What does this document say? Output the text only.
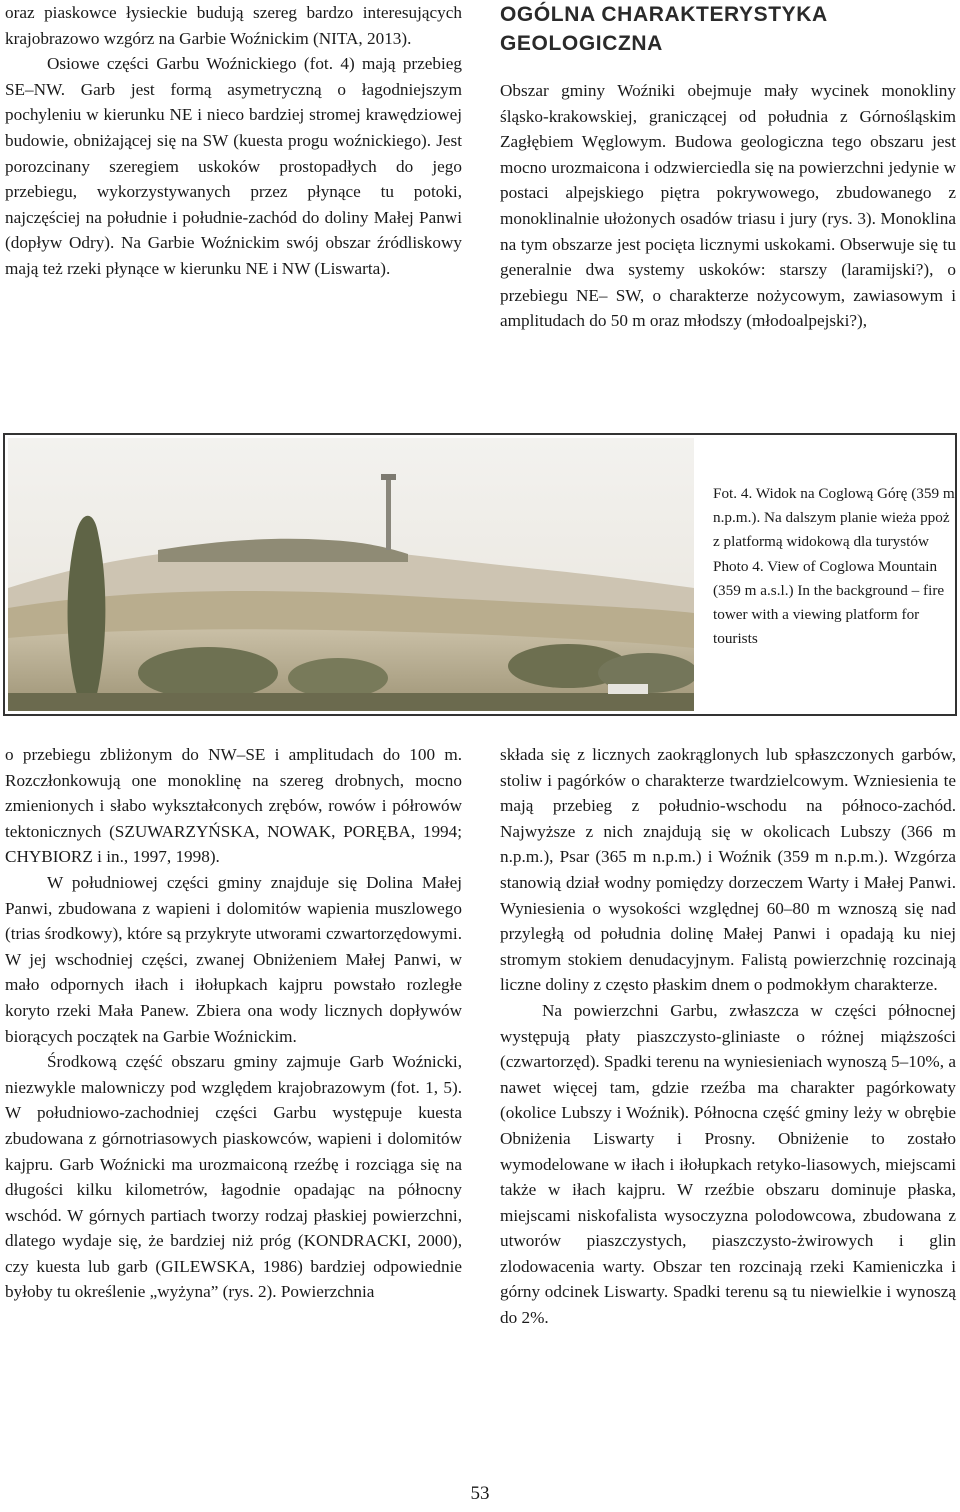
oraz piaskowce łysieckie budują szereg bardzo interesujących krajobrazowo wzgórz na Garbie Woźnickim (NITA, 2013).

Osiowe części Garbu Woźnickiego (fot. 4) mają przebieg SE–NW. Garb jest formą asymetryczną o łagodniejszym pochyleniu w kierunku NE i nieco bardziej stromej krawędziowej budowie, obniżającej się na SW (kuesta progu woźnickiego). Jest porozcinany szeregiem uskoków prostopadłych do jego przebiegu, wykorzystywanych przez płynące tu potoki, najczęściej na południe i południe-zachód do doliny Małej Panwi (dopływ Odry). Na Garbie Woźnickim swój obszar źródliskowy mają też rzeki płynące w kierunku NE i NW (Liswarta).

OGÓLNA CHARAKTERYSTYKA GEOLOGICZNA

Obszar gminy Woźniki obejmuje mały wycinek monokliny śląsko-krakowskiej, graniczącej od południa z Górnośląskim Zagłębiem Węglowym. Budowa geologiczna tego obszaru jest mocno urozmaicona i odzwierciedla się na powierzchni jedynie w postaci alpejskiego piętra pokrywowego, zbudowanego z monoklinalnie ułożonych osadów triasu i jury (rys. 3). Monoklina na tym obszarze jest pocięta licznymi uskokami. Obserwuje się tu generalnie dwa systemy uskoków: starszy (laramijski?), o przebiegu NE– SW, o charakterze nożycowym, zawiasowym i amplitudach do 50 m oraz młodszy (młodoalpejski?),

Fot. 4. Widok na Coglową Górę (359 m n.p.m.). Na dalszym planie wieża ppoż z platformą widokową dla turystów

Photo 4. View of Coglowa Mountain (359 m a.s.l.) In the background – fire tower with a viewing platform for tourists

o przebiegu zbliżonym do NW–SE i amplitudach do 100 m. Rozczłonkowują one monoklinę na szereg drobnych, mocno zmienionych i słabo wykształconych zrębów, rowów i półrowów tektonicznych (SZUWARZYŃSKA, NOWAK, PORĘBA, 1994; CHYBIORZ i in., 1997, 1998).

W południowej części gminy znajduje się Dolina Małej Panwi, zbudowana z wapieni i dolomitów wapienia muszlowego (trias środkowy), które są przykryte utworami czwartorzędowymi. W jej wschodniej części, zwanej Obniżeniem Małej Panwi, w mało odpornych iłach i iłołupkach kajpru powstało rozległe koryto rzeki Mała Panew. Zbiera ona wody licznych dopływów biorących początek na Garbie Woźnickim.

Środkową część obszaru gminy zajmuje Garb Woźnicki, niezwykle malowniczy pod względem krajobrazowym (fot. 1, 5). W południowo-zachodniej części Garbu występuje kuesta zbudowana z górnotriasowych piaskowców, wapieni i dolomitów kajpru. Garb Woźnicki ma urozmaiconą rzeźbę i rozciąga się na długości kilku kilometrów, łagodnie opadając na północny wschód. W górnych partiach tworzy rodzaj płaskiej powierzchni, dlatego wydaje się, że bardziej niż próg (KONDRACKI, 2000), czy kuesta lub garb (GILEWSKA, 1986) bardziej odpowiednie byłoby tu określenie „wyżyna” (rys. 2). Powierzchnia

składa się z licznych zaokrąglonych lub spłaszczonych garbów, stoliw i pagórków o charakterze twardzielcowym. Wzniesienia te mają przebieg z południo-wschodu na północo-zachód. Najwyższe z nich znajdują się w okolicach Lubszy (366 m n.p.m.), Psar (365 m n.p.m.) i Woźnik (359 m n.p.m.). Wzgórza stanowią dział wodny pomiędzy dorzeczem Warty i Małej Panwi. Wyniesienia o wysokości względnej 60–80 m wznoszą się nad przyległą od południa dolinę Małej Panwi i opadają ku niej stromym stokiem denudacyjnym. Falistą powierzchnię rozcinają liczne doliny z często płaskim dnem o podmokłym charakterze.

Na powierzchni Garbu, zwłaszcza w części północnej występują płaty piaszczysto-gliniaste o różnej miąższości (czwartorzęd). Spadki terenu na wyniesieniach wynoszą 5–10%, a nawet więcej tam, gdzie rzeźba ma charakter pagórkowaty (okolice Lubszy i Woźnik). Północna część gminy leży w obrębie Obniżenia Liswarty i Prosny. Obniżenie to zostało wymodelowane w iłach i iłołupkach retyko-liasowych, miejscami także w iłach kajpru. W rzeźbie obszaru dominuje płaska, miejscami niskofalista wysoczyzna polodowcowa, zbudowana z utworów piaszczystych, piaszczysto-żwirowych i glin zlodowacenia warty. Obszar ten rozcinają rzeki Kamieniczka i górny odcinek Liswarty. Spadki terenu są tu niewielkie i wynoszą do 2%.

53
